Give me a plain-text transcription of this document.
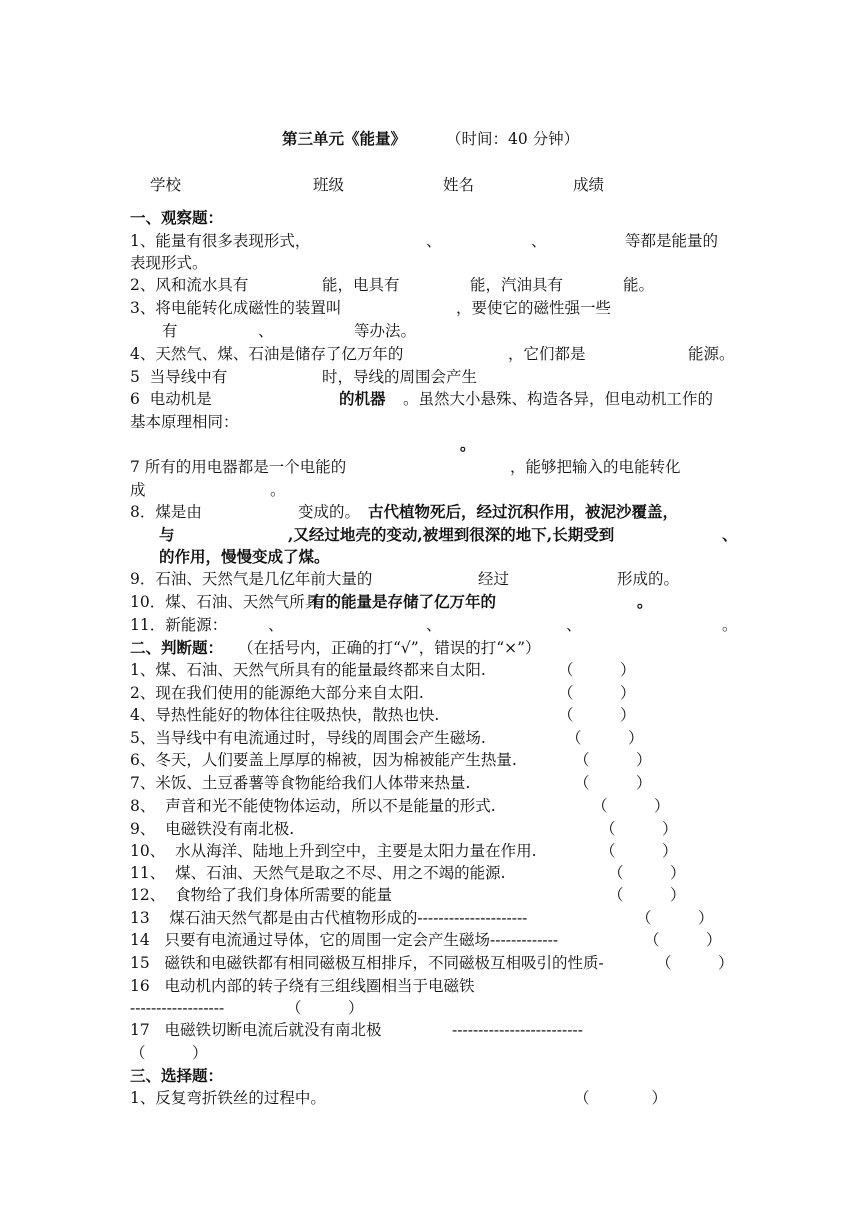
第三单元《能量》	（时间：40 分钟）
学校	班级	姓名	成绩
一、观察题：
1、能量有很多表现形式，	、	、	等都是能量的
表现形式。
2、风和流水具有	能，电具有	能，汽油具有	能。
3、将电能转化成磁性的装置叫	，要使它的磁性强一些
有	、	等办法。
4、天然气、煤、石油是储存了亿万年的	，它们都是	能源。
5  当导线中有	时，导线的周围会产生
6  电动机是	的机器 。虽然大小悬殊、构造各异，但电动机工作的
基本原理相同：
。
7 所有的用电器都是一个电能的	，能够把输入的电能转化
成	。
8．煤是由	变成的。 古代植物死后，经过沉积作用，被泥沙覆盖，
与	,又经过地壳的变动,被埋到很深的地下,长期受到	、
的作用，慢慢变成了煤。
9．石油、天然气是几亿年前大量的	经过	形成的。
10．煤、石油、天然气所具
有的能量是存储了亿万年的	。
11．新能源：	、	、	、	。
二、判断题： （在括号内，正确的打“√”，错误的打“×”）
1、煤、石油、天然气所具有的能量最终都来自太阳.	（　　　）
2、现在我们使用的能源绝大部分来自太阳.	（　　　）
4、导热性能好的物体往往吸热快，散热也快.	（　　　）
5、当导线中有电流通过时，导线的周围会产生磁场.	（　　　）
6、冬天，人们要盖上厚厚的棉被，因为棉被能产生热量.	（　　　）
7、米饭、土豆番薯等食物能给我们人体带来热量.	（　　　）
8、  声音和光不能使物体运动，所以不是能量的形式.	（　　　）
9、  电磁铁没有南北极.	（　　　）
10、  水从海洋、陆地上升到空中，主要是太阳力量在作用.	（　　　）
11、  煤、石油、天然气是取之不尽、用之不竭的能源.	（　　　）
12、  食物给了我们身体所需要的能量	（　　　）
13    煤石油天然气都是由古代植物形成的---------------------	（　　　）
14   只要有电流通过导体，它的周围一定会产生磁场-------------	（　　　）
15   磁铁和电磁铁都有相同磁极互相排斥，不同磁极互相吸引的性质-	（　　　）
16   电动机内部的转子绕有三组线圈相当于电磁铁
------------------	（　　　）
17   电磁铁切断电流后就没有南北极	-------------------------
（　　　）
三、选择题：
1、反复弯折铁丝的过程中。	（　　　　）
